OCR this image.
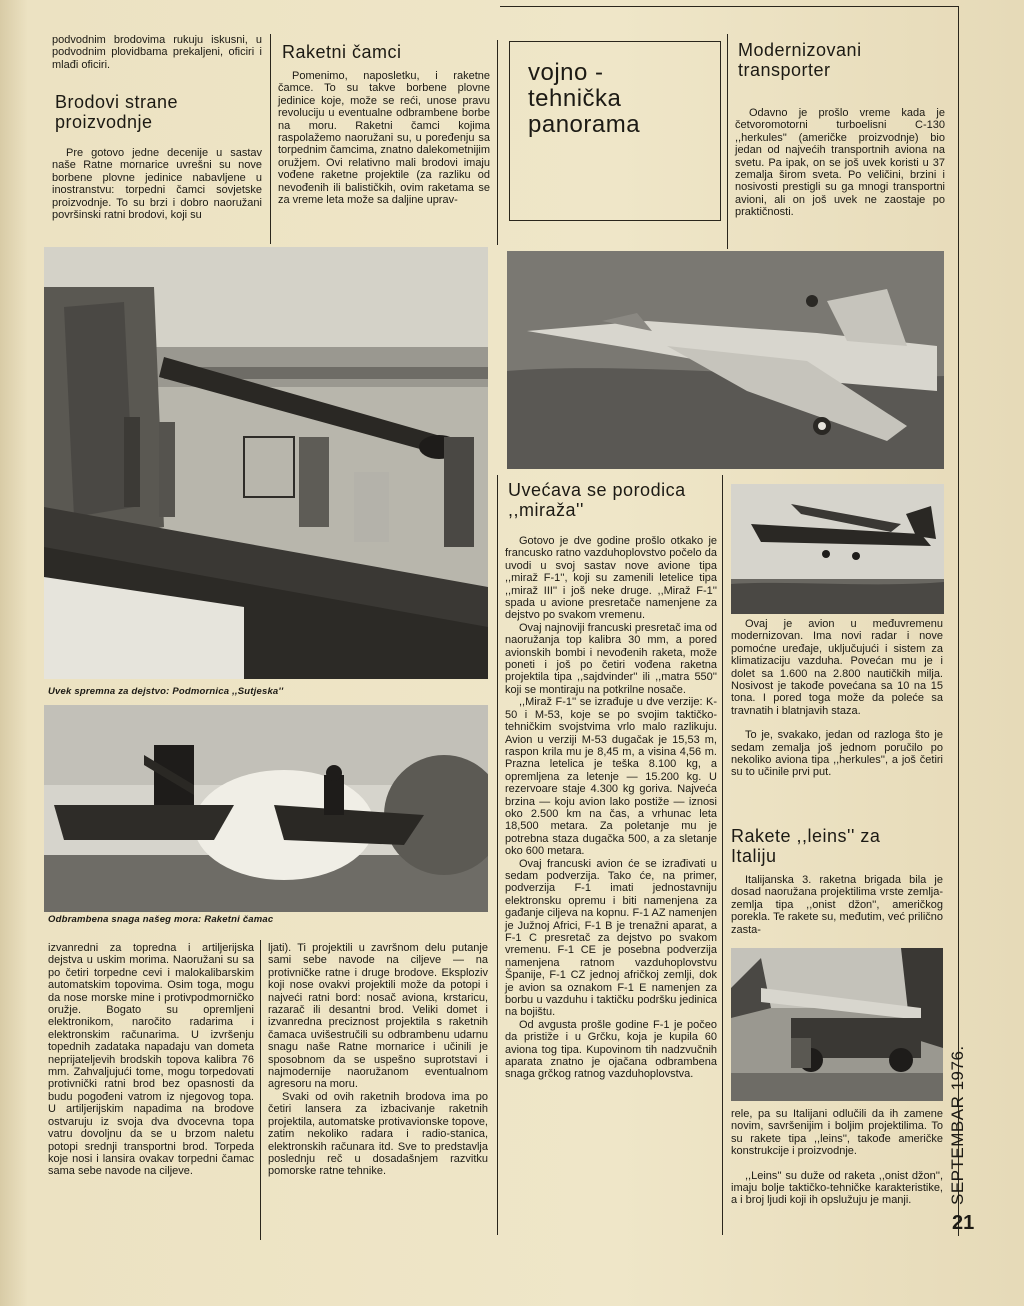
podvodnim brodovima rukuju iskusni, u podvodnim plovidbama prekaljeni, oficiri i mlađi oficiri.

Brodovi strane proizvodnje

Pre gotovo jedne decenije u sastav naše Ratne mornarice uvrešni su nove borbene plovne jedinice nabavljene u inostranstvu: torpedni čamci sovjetske proizvodnje. To su brzi i dobro naoružani površinski ratni brodovi, koji su

Raketni čamci

Pomenimo, naposletku, i raketne čamce. To su takve borbene plovne jedinice koje, može se reći, unose pravu revoluciju u eventualne odbrambene borbe na moru. Raketni čamci kojima raspolažemo naoružani su, u poređenju sa torpednim čamcima, znatno dalekometnijim oružjem. Ovi relativno mali brodovi imaju vođene raketne projektile (za razliku od nevođenih ili balističkih, ovim raketama se za vreme leta može sa daljine uprav-

vojno -tehnička panorama
Modernizovani transporter

Odavno je prošlo vreme kada je četvoromotorni turboelisni C-130 ,,herkules'' (američke proizvodnje) bio jedan od najvećih transportnih aviona na svetu. Pa ipak, on se još uvek koristi u 37 zemalja širom sveta. Po veličini, brzini i nosivosti prestigli su ga mnogi transportni avioni, ali on još uvek ne zaostaje po praktičnosti.

Uvek spremna za dejstvo: Podmornica ,,Sutjeska''
Odbrambena snaga našeg mora: Raketni čamac
Uvećava se porodica ,,miraža''

Gotovo je dve godine prošlo otkako je francusko ratno vazduhoplovstvo počelo da uvodi u svoj sastav nove avione tipa ,,miraž F-1'', koji su zamenili letelice tipa ,,miraž III'' i još neke druge. ,,Miraž F-1'' spada u avione presretače namenjene za dejstvo po svakom vremenu.

Ovaj najnoviji francuski presretač ima od naoružanja top kalibra 30 mm, a pored avionskih bombi i nevođenih raketa, može poneti i još po četiri vođena raketna projektila tipa ,,sajdvinder'' ili ,,matra 550'' koji se montiraju na potkrilne nosače.

,,Miraž F-1'' se izrađuje u dve verzije: K-50 i M-53, koje se po svojim taktičko-tehničkim svojstvima vrlo malo razlikuju. Avion u verziji M-53 dugačak je 15,53 m, raspon krila mu je 8,45 m, a visina 4,56 m. Prazna letelica je teška 8.100 kg, a opremljena za letenje — 15.200 kg. U rezervoare staje 4.300 kg goriva. Najveća brzina — koju avion lako postiže — iznosi oko 2.500 km na čas, a vrhunac leta 18,500 metara. Za poletanje mu je potrebna staza dugačka 500, a za sletanje oko 600 metara.

Ovaj francuski avion će se izrađivati u sedam podverzija. Tako će, na primer, podverzija F-1 imati jednostavniju elektronsku opremu i biti namenjena za gađanje cilјeva na kopnu. F-1 AZ namenjen je Južnoj Africi, F-1 B je trenažni aparat, a F-1 C presretač za dejstvo po svakom vremenu. F-1 CE je posebna podverzija namenjena ratnom vazduhoplovstvu Španije, F-1 CZ jednoj afričkoj zemlji, dok je avion sa oznakom F-1 E namenjen za borbu u vazduhu i taktičku podršku jedinica na bojištu.

Od avgusta prošle godine F-1 je počeo da pristiže i u Grčku, koja je kupila 60 aviona tog tipa. Kupovinom tih nadzvučnih aparata znatno je ojačana odbrambena snaga grčkog ratnog vazduhoplovstva.

Ovaj je avion u međuvremenu modernizovan. Ima novi radar i nove pomoćne uređaje, uključujući i sistem za klimatizaciju vazduha. Povećan mu je i dolet sa 1.600 na 2.800 nautičkih milja. Nosivost je takođe povećana sa 10 na 15 tona. I pored toga može da poleće sa travnatih i blatnjavih staza.

To je, svakako, jedan od razloga što je sedam zemalja još jednom poručilo po nekoliko aviona tipa ,,herkules'', a još četiri su to učinile prvi put.

Rakete ,,leins'' za Italiju

Italijanska 3. raketna brigada bila je dosad naoružana projektilima vrste zemlja-zemlja tipa ,,onist džon'', američkog porekla. Te rakete su, međutim, već prilično zasta-

rele, pa su Italijani odlučili da ih zamene novim, savršenijim i boljim projektilima. To su rakete tipa ,,leins'', takođe američke konstrukcije i proizvodnje.

,,Leins'' su duže od raketa ,,onist džon'', imaju bolje taktičko-tehničke karakteristike, a i broj ljudi koji ih opslužuju je manji.

izvanredni za topredna i artiljerijska dejstva u uskim morima. Naoružani su sa po četiri torpedne cevi i malokalibarskim automatskim topovima. Osim toga, mogu da nose morske mine i protivpodmorničko oružje. Bogato su opremljeni elektronikom, naročito radarima i elektronskim računarima. U izvršenju topednih zadataka napadaju van dometa neprijateljevih brodskih topova kalibra 76 mm. Zahvaljujući tome, mogu torpedovati protivnički ratni brod bez opasnosti da budu pogođeni vatrom iz njegovog topa. U artiljerijskim napadima na brodove ostvaruju iz svoja dva dvocevna topa vatru dovoljnu da se u brzom naletu potopi srednji transportni brod. Torpeda koje nosi i lansira ovakav torpedni čamac sama sebe navode na ciljeve.

ljati). Ti projektili u završnom delu putanje sami sebe navode na ciljeve — na protivničke ratne i druge brodove. Eksploziv koji nose ovakvi projektili može da potopi i najveći ratni bord: nosač aviona, krstaricu, razarač ili desantni brod. Veliki domet i izvanredna preciznost projektila s raketnih čamaca uvišestručili su odbrambenu udarnu snagu naše Ratne mornarice i učinili je sposobnom da se uspešno suprotstavi i najmodernije naoružanom eventualnom agresoru na moru.

Svaki od ovih raketnih brodova ima po četiri lansera za izbacivanje raketnih projektila, automatske protivavionske topove, zatim nekoliko radara i radio-stanica, elektronskih računara itd. Sve to predstavlja poslednju reč u dosadašnjem razvitku pomorske ratne tehnike.	SEPTEMBAR 1976.
21
